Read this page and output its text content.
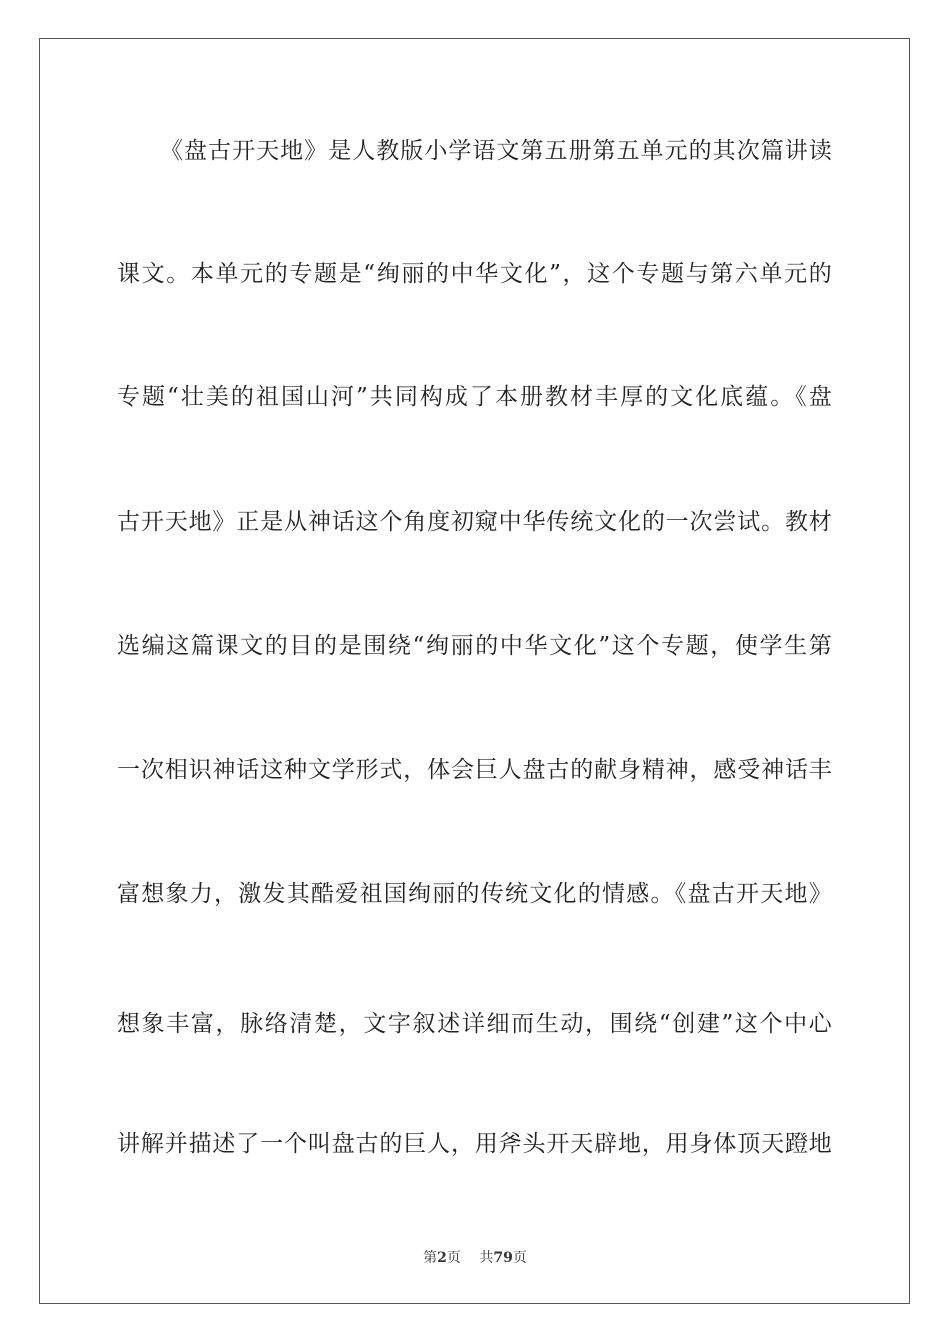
《盘古开天地》是人教版小学语文第五册第五单元的其次篇讲读
课文。本单元的专题是“绚丽的中华文化”，这个专题与第六单元的
专题“壮美的祖国山河”共同构成了本册教材丰厚的文化底蕴。《盘
古开天地》正是从神话这个角度初窥中华传统文化的一次尝试。教材
选编这篇课文的目的是围绕“绚丽的中华文化”这个专题，使学生第
一次相识神话这种文学形式，体会巨人盘古的献身精神，感受神话丰
富想象力，激发其酷爱祖国绚丽的传统文化的情感。《盘古开天地》
想象丰富，脉络清楚，文字叙述详细而生动，围绕“创建”这个中心
讲解并描述了一个叫盘古的巨人，用斧头开天辟地，用身体顶天蹬地
第2页 共79页
